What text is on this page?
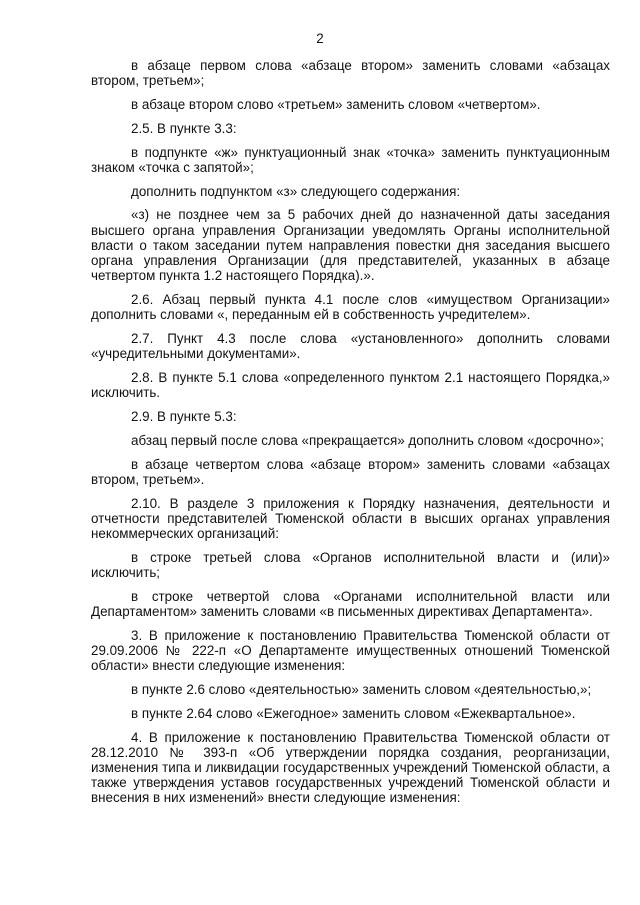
2

в абзаце первом слова «абзаце втором» заменить словами «абзацах втором, третьем»;

в абзаце втором слово «третьем» заменить словом «четвертом».

2.5. В пункте 3.3:

в подпункте «ж» пунктуационный знак «точка» заменить пунктуационным знаком «точка с запятой»;

дополнить подпунктом «з» следующего содержания:

«з) не позднее чем за 5 рабочих дней до назначенной даты заседания высшего органа управления Организации уведомлять Органы исполнительной власти о таком заседании путем направления повестки дня заседания высшего органа управления Организации (для представителей, указанных в абзаце четвертом пункта 1.2 настоящего Порядка).».

2.6. Абзац первый пункта 4.1 после слов «имуществом Организации» дополнить словами «, переданным ей в собственность учредителем».

2.7. Пункт 4.3 после слова «установленного» дополнить словами «учредительными документами».

2.8. В пункте 5.1 слова «определенного пунктом 2.1 настоящего Порядка,» исключить.

2.9. В пункте 5.3:

абзац первый после слова «прекращается» дополнить словом «досрочно»;

в абзаце четвертом слова «абзаце втором» заменить словами «абзацах втором, третьем».

2.10. В разделе 3 приложения к Порядку назначения, деятельности и отчетности представителей Тюменской области в высших органах управления некоммерческих организаций:

в строке третьей слова «Органов исполнительной власти и (или)» исключить;

в строке четвертой слова «Органами исполнительной власти или Департаментом» заменить словами «в письменных директивах Департамента».

3. В приложение к постановлению Правительства Тюменской области от 29.09.2006 № 222-п «О Департаменте имущественных отношений Тюменской области» внести следующие изменения:

в пункте 2.6 слово «деятельностью» заменить словом «деятельностью,»;

в пункте 2.64 слово «Ежегодное» заменить словом «Ежеквартальное».

4. В приложение к постановлению Правительства Тюменской области от 28.12.2010 № 393-п «Об утверждении порядка создания, реорганизации, изменения типа и ликвидации государственных учреждений Тюменской области, а также утверждения уставов государственных учреждений Тюменской области и внесения в них изменений» внести следующие изменения:
